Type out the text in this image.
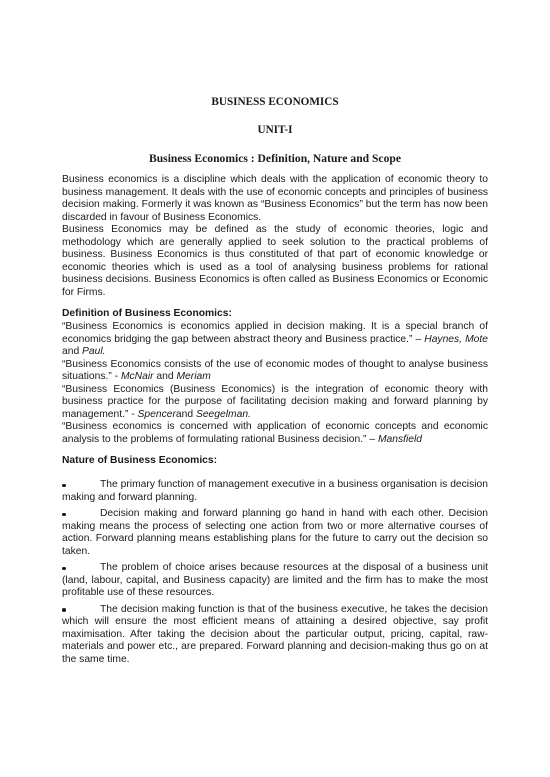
BUSINESS ECONOMICS
UNIT-I
Business Economics : Definition, Nature and Scope

Business economics is a discipline which deals with the application of economic theory to business management. It deals with the use of economic concepts and principles of business decision making. Formerly it was known as “Business Economics” but the term has now been discarded in favour of Business Economics.

Business Economics may be defined as the study of economic theories, logic and methodology which are generally applied to seek solution to the practical problems of business. Business Economics is thus constituted of that part of economic knowledge or economic theories which is used as a tool of analysing business problems for rational business decisions. Business Economics is often called as Business Economics or Economic for Firms.

Definition of Business Economics:

“Business Economics is economics applied in decision making. It is a special branch of economics bridging the gap between abstract theory and Business practice.” – Haynes, Mote and Paul.

“Business Economics consists of the use of economic modes of thought to analyse business situations.” - McNair and Meriam

“Business Economics (Business Economics) is the integration of economic theory with business practice for the purpose of facilitating decision making and forward planning by management.” - Spencerand Seegelman.

“Business economics is concerned with application of economic concepts and economic analysis to the problems of formulating rational Business decision.” – Mansfield

Nature of Business Economics:
The primary function of management executive in a business organisation is decision making and forward planning.
Decision making and forward planning go hand in hand with each other. Decision making means the process of selecting one action from two or more alternative courses of action. Forward planning means establishing plans for the future to carry out the decision so taken.
The problem of choice arises because resources at the disposal of a business unit (land, labour, capital, and Business capacity) are limited and the firm has to make the most profitable use of these resources.
The decision making function is that of the business executive, he takes the decision which will ensure the most efficient means of attaining a desired objective, say profit maximisation. After taking the decision about the particular output, pricing, capital, raw-materials and power etc., are prepared. Forward planning and decision-making thus go on at the same time.
